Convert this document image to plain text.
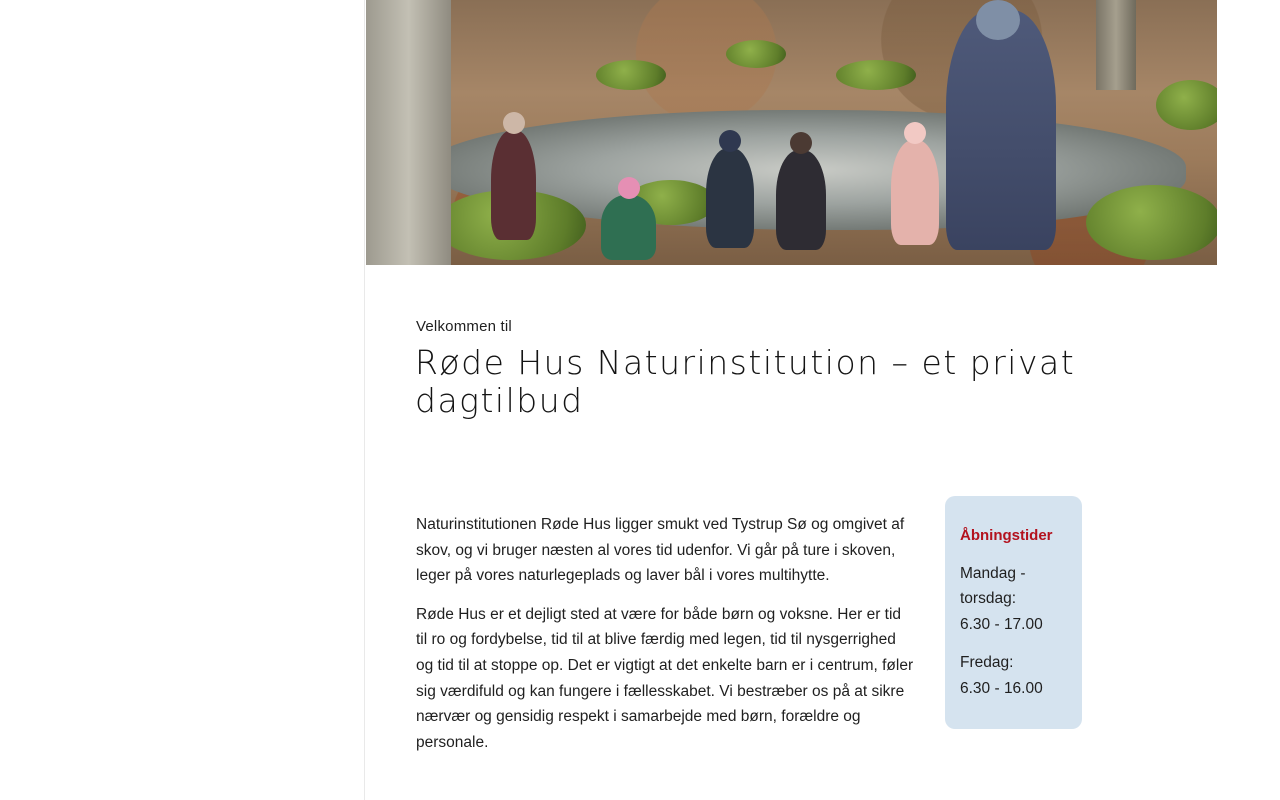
Velkommen til
Røde Hus Naturinstitution – et privat dagtilbud

Naturinstitutionen Røde Hus ligger smukt ved Tystrup Sø og omgivet af skov, og vi bruger næsten al vores tid udenfor. Vi går på ture i skoven, leger på vores naturlegeplads og laver bål i vores multihytte.

Røde Hus er et dejligt sted at være for både børn og voksne. Her er tid til ro og fordybelse, tid til at blive færdig med legen, tid til nysgerrighed og tid til at stoppe op. Det er vigtigt at det enkelte barn er i centrum, føler sig værdifuld og kan fungere i fællesskabet. Vi bestræber os på at sikre nærvær og gensidig respekt i samarbejde med børn, forældre og personale.

Åbningstider
Mandag - torsdag:
6.30 - 17.00
Fredag:
6.30 - 16.00
